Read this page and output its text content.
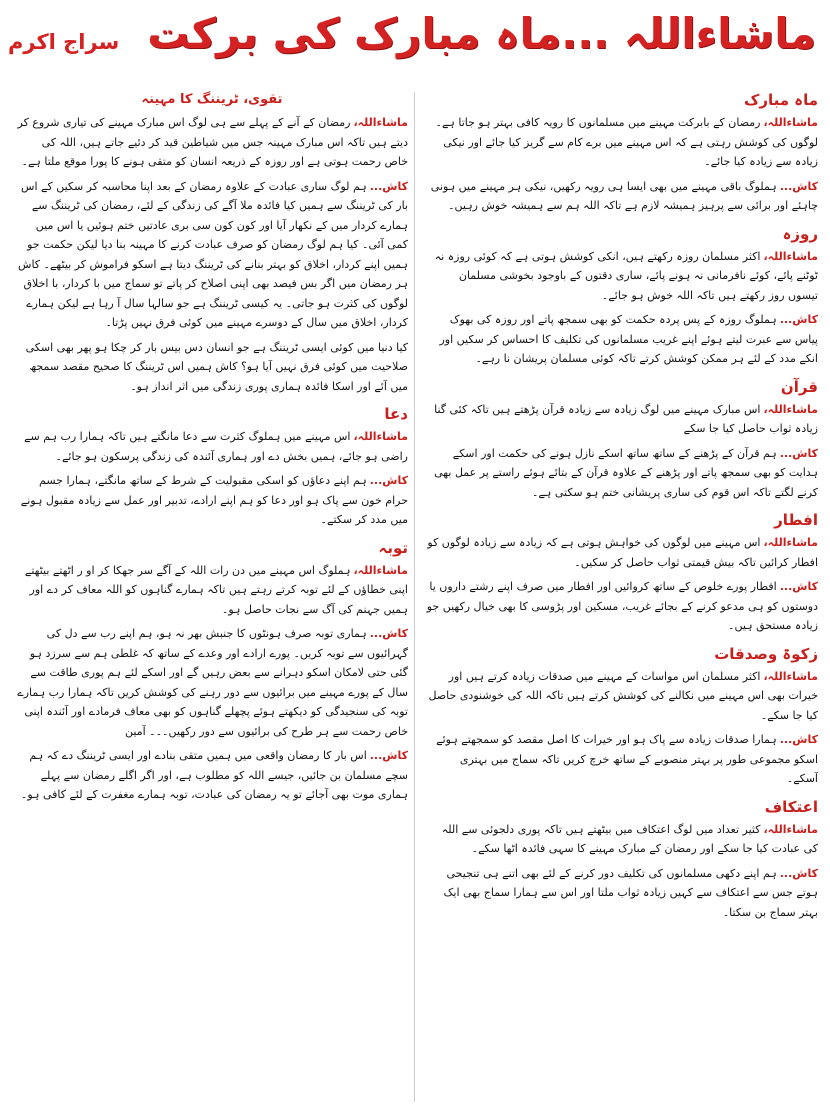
ماشاءاللہ ...ماہ مبارک کی برکت
سراج اکرم
ماہ مبارک
ماشاءاللہ،رمضان کے بابرکت مہینے میں مسلمانوں کا رویہ کافی بہتر ہو جاتا ہے۔لوگوں کی کوشش رہتی ہے کہ اس مہینے میں برے کام سے گریز کیا جائے اور نیکی زیادہ سے زیادہ کیا جائے۔
کاش...ہملوگ باقی مہینے میں بھی ایسا ہی رویہ رکھیں، نیکی ہر مہینے میں ہونی چاہئے اور برائی سے پرہیز ہمیشہ لازم ہے تاکہ اللہ ہم سے ہمیشہ خوش رہیں۔
روزہ
ماشاءاللہ،اکثر مسلمان روزہ رکھتے ہیں، انکی کوشش ہوتی ہے کہ کوئی روزہ نہ ٹوٹنے پائے، کوئے نافرمانی نہ ہونے پائے، ساری دقتوں کے باوجود بخوشی مسلمان تیسوں روز رکھتے ہیں تاکہ اللہ خوش ہو جائے۔
کاش...ہملوگ روزہ کے پس پردہ حکمت کو بھی سمجھ پاتے اور روزہ کی بھوک پیاس سے عبرت لیتے ہوئے اپنے غریب مسلمانوں کی تکلیف کا احساس کر سکیں اور انکے مدد کے لئے ہر ممکن کوشش کرتے تاکہ کوئی مسلمان پریشان نا رہے۔
قرآن
ماشاءاللہ،اس مبارک مہینے میں لوگ زیادہ سے زیادہ قرآن پڑھتے ہیں تاکہ کئی گنا زیادہ ثواب حاصل کیا جا سکے
کاش...ہم قرآن کے پڑھنے کے ساتھ ساتھ اسکے نازل ہونے کی حکمت اور اسکے ہدایت کو بھی سمجھ پاتے اور پڑھنے کے علاوہ قرآن کے بتائے ہوئے راستے پر عمل بھی کرنے لگتے تاکہ اس قوم کی ساری پریشانی ختم ہو سکتی ہے۔
افطار
ماشاءاللہ،اس مہینے میں لوگوں کی خواہش ہوتی ہے کہ زیادہ سے زیادہ لوگوں کو افطار کرائیں تاکہ بیش قیمتی ثواب حاصل کر سکیں۔
کاش...افطار پورے خلوص کے ساتھ کروائیں اور افطار میں صرف اپنے رشتے داروں یا دوستوں کو ہی مدعو کرنے کے بجائے غریب، مسکین اور پڑوسی کا بھی خیال رکھیں جو زیادہ مستحق ہیں۔
زکوۃ وصدقات
ماشاءاللہ،اکثر مسلمان اس مواسات کے مہینے میں صدقات زیادہ کرتے ہیں اور خیرات بھی اس مہینے میں نکالنے کی کوشش کرتے ہیں تاکہ اللہ کی خوشنودی حاصل کیا جا سکے۔
کاش...ہمارا صدقات زیادہ سے پاک ہو اور خیرات کا اصل مقصد کو سمجھتے ہوئے اسکو مجموعی طور پر بہتر منصوبے کے ساتھ خرچ کریں تاکہ سماج میں بہتری آسکے۔
اعتکاف
ماشاءاللہ،کثیر تعداد میں لوگ اعتکاف میں بیٹھتے ہیں تاکہ پوری دلجوئی سے اللہ کی عبادت کیا جا سکے اور رمضان کے مبارک مہینے کا سہی فائدہ اٹھا سکے۔
کاش...ہم اپنے دکھی مسلمانوں کی تکلیف دور کرنے کے لئے بھی اتنے ہی تنجیحی ہوتے جس سے اعتکاف سے کہیں زیادہ ثواب ملتا اور اس سے ہمارا سماج بھی ایک بہتر سماج بن سکتا۔
تقوی، ٹریننگ کا مہینہ
ماشاءاللہ،رمضان کے آنے کے پہلے سے ہی لوگ اس مبارک مہینے کی تیاری شروع کر دیتے ہیں تاکہ اس مبارک مہینہ جس میں شیاطین قید کر دئیے جاتے ہیں، اللہ کی خاص رحمت ہوتی ہے اور روزہ کے ذریعہ انسان کو متقی ہونے کا پورا موقع ملتا ہے۔
کاش...ہم لوگ ساری عبادت کے علاوہ رمضان کے بعد اپنا محاسبہ کر سکیں کے اس بار کی ٹریننگ سے ہمیں کیا فائدہ ملا آگے کی زندگی کے لئے، رمضان کی ٹریننگ سے ہمارے کردار میں کے نکھار آیا اور کون کون سی بری عادتیں ختم ہوئیں یا اس میں کمی آئی۔ کیا ہم لوگ رمضان کو صرف عبادت کرنے کا مہینہ بنا دیا لیکن حکمت جو ہمیں اپنے کردار، اخلاق کو بہتر بنانے کی ٹریننگ دیتا ہے اسکو فراموش کر بیٹھے۔ کاش ہر رمضان میں اگر بس فیصد بھی اپنی اصلاح کر پاتے تو سماج میں با کردار، با اخلاق لوگوں کی کثرت ہو جاتی۔ یہ کیسی ٹریننگ ہے جو سالہا سال آ رہا ہے لیکن ہمارے کردار، اخلاق میں سال کے دوسرے مہینے میں کوئی فرق نہیں پڑتا۔
کیا دنیا میں کوئی ایسی ٹریننگ ہے جو انسان دس بیس بار کر چکا ہو پھر بھی اسکی صلاحیت میں کوئی فرق نہیں آیا ہو؟ کاش ہمیں اس ٹریننگ کا صحیح مقصد سمجھ میں آئے اور اسکا فائدہ ہماری پوری زندگی میں اثر انداز ہو۔
دعا
ماشاءاللہ،اس مہینے میں ہملوگ کثرت سے دعا مانگتے ہیں تاکہ ہمارا رب ہم سے راضی ہو جائے، ہمیں بخش دے اور ہماری آئندہ کی زندگی پرسکون ہو جائے۔
کاش...ہم اپنے دعاؤں کو اسکی مقبولیت کے شرط کے ساتھ مانگتے، ہمارا جسم حرام خون سے پاک ہو اور دعا کو ہم اپنے ارادے، تدبیر اور عمل سے زیادہ مقبول ہونے میں مدد کر سکتے۔
توبہ
ماشاءاللہ،ہملوگ اس مہینے میں دن رات اللہ کے آگے سر جھکا کر او ر اٹھتے بیٹھتے اپنی خطاؤں کے لئے توبہ کرتے رہتے ہیں تاکہ ہمارے گناہوں کو اللہ معاف کر دے اور ہمیں جہنم کی آگ سے نجات حاصل ہو۔
کاش...ہماری توبہ صرف ہونٹوں کا جنبش بھر نہ ہو، ہم اپنے رب سے دل کی گہرائیوں سے توبہ کریں۔ پورے ارادے اور وعدے کے ساتھ کہ غلطی ہم سے سرزد ہو گئی حتی لامکان اسکو دہرانے سے بعض رہیں گے اور اسکے لئے ہم پوری طاقت سے سال کے پورے مہینے میں برائیوں سے دور رہنے کی کوشش کریں تاکہ ہمارا رب ہمارے توبہ کی سنجیدگی کو دیکھتے ہوئے پچھلے گناہوں کو بھی معاف فرمادے اور آئندہ اپنی خاص رحمت سے ہر طرح کی برائیوں سے دور رکھیں۔۔۔ آمین
کاش...اس بار کا رمضان واقعی میں ہمیں متقی بنادے اور ایسی ٹریننگ دے کہ ہم سچے مسلمان بن جائیں، جیسے اللہ کو مطلوب ہے، اور اگر اگلے رمضان سے پہلے ہماری موت بھی آجائے تو یہ رمضان کی عبادت، توبہ ہمارے مغفرت کے لئے کافی ہو۔
